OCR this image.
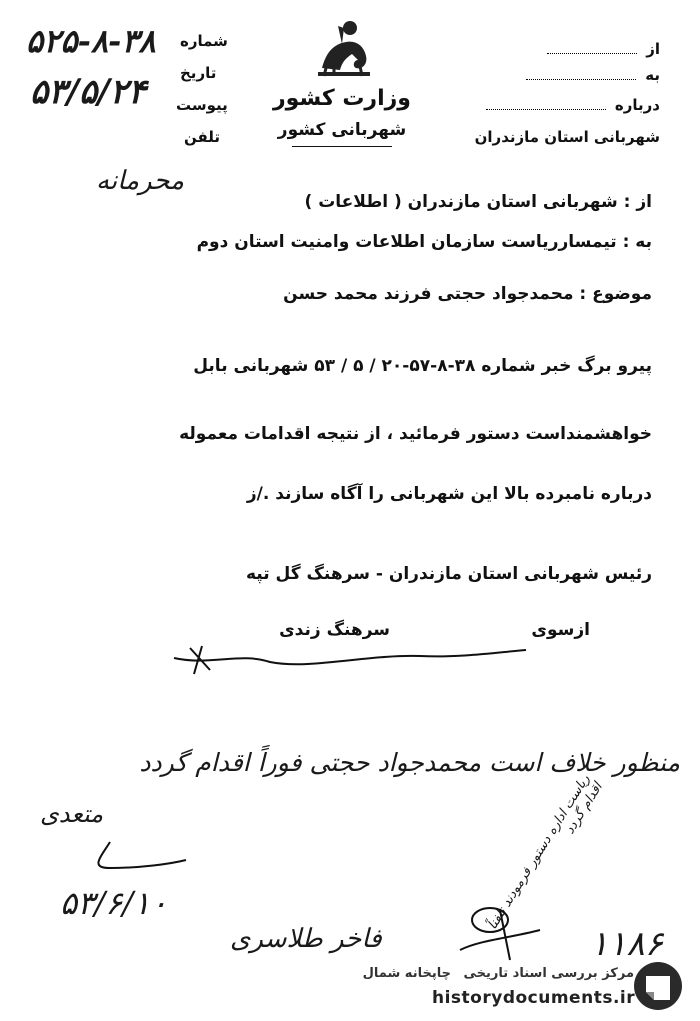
از
به
درباره
شهربانی استان مازندران
وزارت کشور
شهربانی کشور
شماره
تاریخ
پیوست
تلفن
۵۲۵-۸-۳۸
۵۳/۵/۲۴
محرمانه
از : شهربانی استان مازندران ( اطلاعات )
به : تیمسارریاست سازمان اطلاعات وامنیت استان دوم
موضوع : محمدجواد حجتی فرزند محمد حسن
پیرو برگ خبر شماره ۳۸-۸-۵۷-۲۰ / ۵ / ۵۳ شهربانی بابل
خواهشمنداست دستور فرمائید ، از نتیجه اقدامات معموله
درباره نامبرده بالا این شهربانی را آگاه سازند ./ز
رئیس شهربانی استان مازندران - سرهنگ گل تپه
ازسوی
سرهنگ زندی
منظور خلاف است محمدجواد حجتی فوراً اقدام گردد
متعدی
۵۳/۶/۱۰	ریاست اداره دستور فرمودند تلفناً اقدام گردد
فاخر طلاسری	۱۱۸۶
مرکز بررسی اسناد تاریخی چاپخانه شمال
historydocuments.ir
